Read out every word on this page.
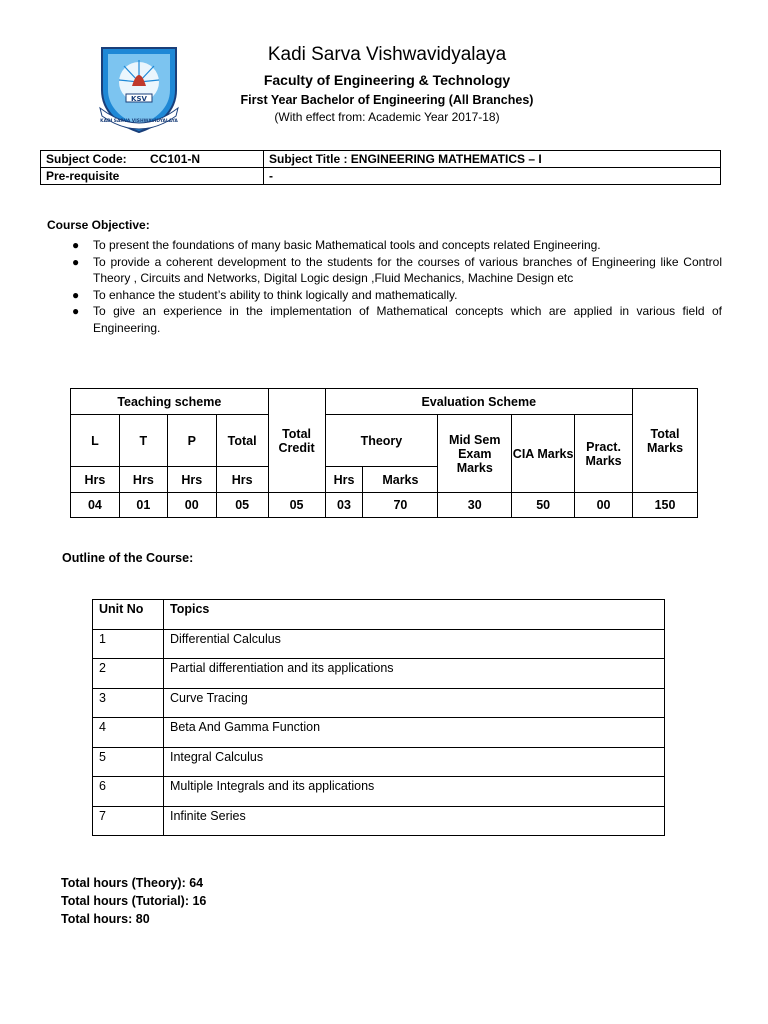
KSV
KADI SARVA VISHWAVIDYALAYA
Kadi Sarva Vishwavidyalaya
Faculty of Engineering & Technology
First Year Bachelor of Engineering (All Branches)
(With effect from: Academic Year 2017-18)
Subject Code: CC101-N	Subject Title : ENGINEERING MATHEMATICS – I
Pre-requisite	-
Course Objective:
● To present the foundations of many basic Mathematical tools and concepts related Engineering.
● To provide a coherent development to the students for the courses of various branches of Engineering like Control Theory , Circuits and Networks, Digital Logic design ,Fluid Mechanics, Machine Design etc
● To enhance the student’s ability to think logically and mathematically.
● To give an experience in the implementation of Mathematical concepts which are applied in various field of Engineering.
Teaching scheme				Total Credit	Evaluation Scheme					Total Marks
L	T	P	Total		Theory		Mid Sem Exam Marks	CIA Marks	Pract. Marks	
Hrs	Hrs	Hrs	Hrs		Hrs	Marks				
04	01	00	05	05	03	70	30	50	00	150
Outline of the Course:
Unit No	Topics
1	Differential Calculus
2	Partial differentiation and its applications
3	Curve Tracing
4	Beta And Gamma Function
5	Integral Calculus
6	Multiple Integrals and its applications
7	Infinite Series
Total hours (Theory): 64
Total hours (Tutorial): 16
Total hours: 80
